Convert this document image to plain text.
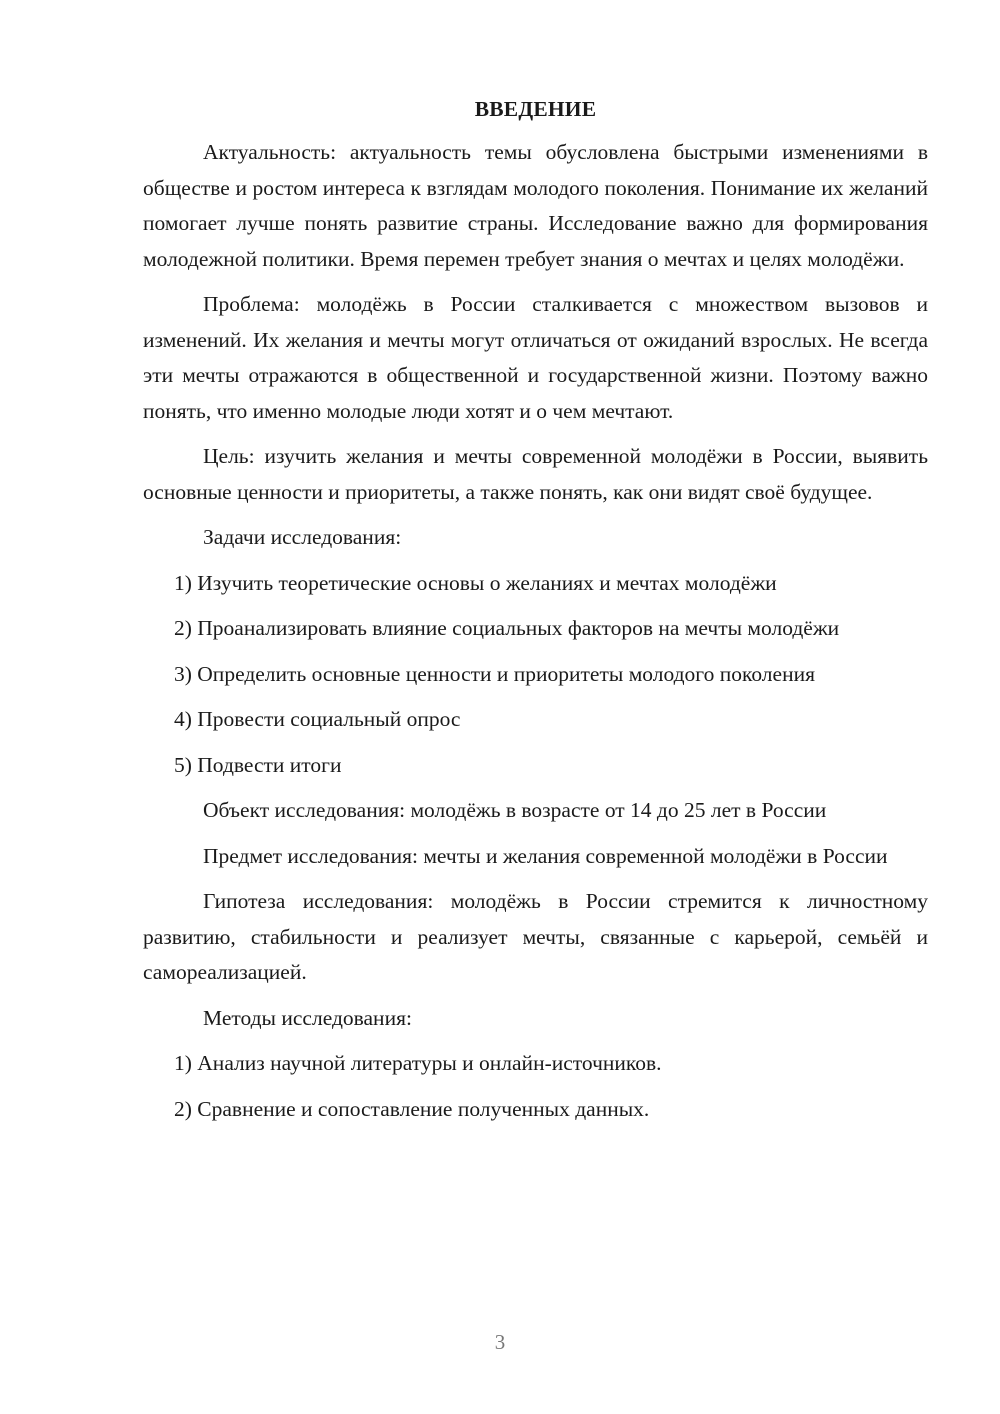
ВВЕДЕНИЕ

Актуальность: актуальность темы обусловлена быстрыми изменениями в обществе и ростом интереса к взглядам молодого поколения. Понимание их желаний помогает лучше понять развитие страны. Исследование важно для формирования молодежной политики. Время перемен требует знания о мечтах и целях молодёжи.

Проблема: молодёжь в России сталкивается с множеством вызовов и изменений. Их желания и мечты могут отличаться от ожиданий взрослых. Не всегда эти мечты отражаются в общественной и государственной жизни. Поэтому важно понять, что именно молодые люди хотят и о чем мечтают.

Цель: изучить желания и мечты современной молодёжи в России, выявить основные ценности и приоритеты, а также понять, как они видят своё будущее.

Задачи исследования:

1) Изучить теоретические основы о желаниях и мечтах молодёжи

2) Проанализировать влияние социальных факторов на мечты молодёжи

3) Определить основные ценности и приоритеты молодого поколения

4) Провести социальный опрос

5) Подвести итоги

Объект исследования: молодёжь в возрасте от 14 до 25 лет в России

Предмет исследования: мечты и желания современной молодёжи в России

Гипотеза исследования: молодёжь в России стремится к личностному развитию, стабильности и реализует мечты, связанные с карьерой, семьёй и самореализацией.

Методы исследования:

1) Анализ научной литературы и онлайн-источников.

2) Сравнение и сопоставление полученных данных.

3
